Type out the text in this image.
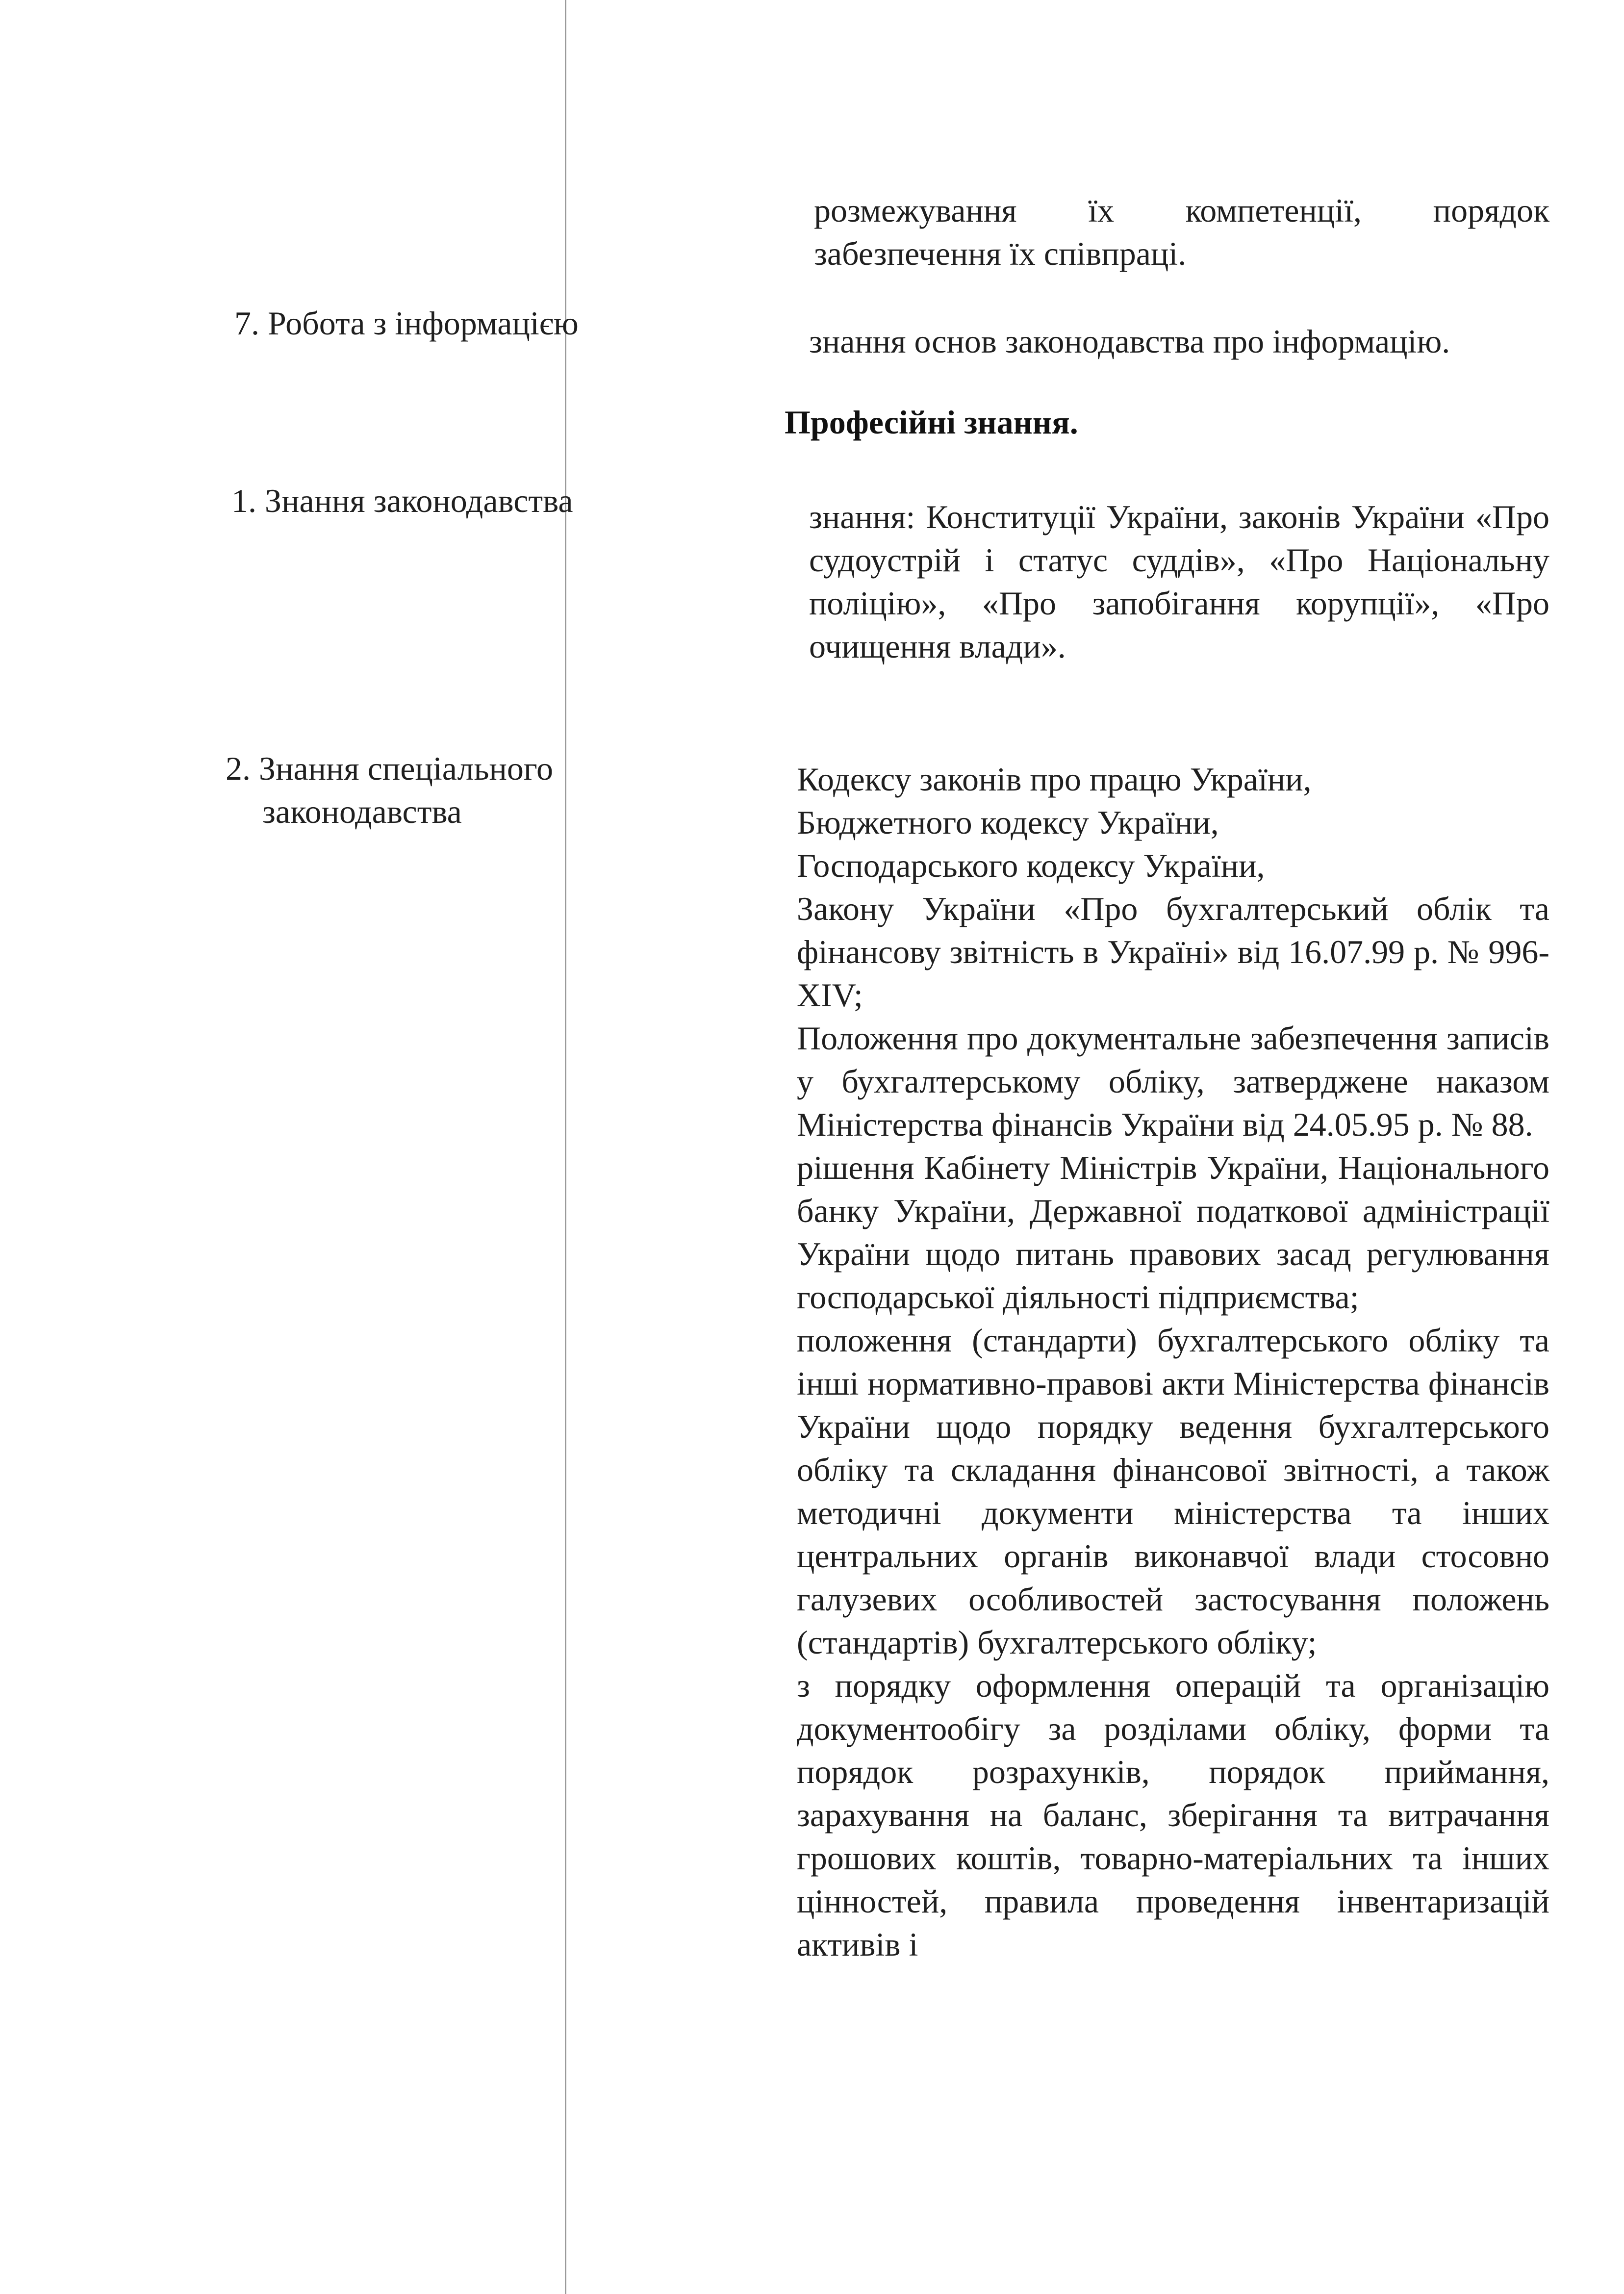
розмежування їх компетенції, порядок забезпечення їх співпраці.

7. Робота з інформацією	знання основ законодавства про інформацію.

Професійні знання.
1. Знання законодавства	знання: Конституції України, законів України «Про судоустрій і статус суддів», «Про Національну поліцію», «Про запобігання корупції», «Про очищення влади».

2. Знання спеціального
законодавства

Кодексу законів про працю України,

Бюджетного кодексу України,

Господарського кодексу України,

Закону України «Про бухгалтерський облік та фінансову звітність в Україні» від 16.07.99 р. № 996-XIV;

Положення про документальне забезпечення записів у бухгалтерському обліку, затверджене наказом Міністерства фінансів України від 24.05.95 р. № 88.

рішення Кабінету Міністрів України, Національного банку України, Державної податкової адміністрації України щодо питань правових засад регулювання господарської діяльності підприємства;

положення (стандарти) бухгалтерського обліку та інші нормативно-правові акти Міністерства фінансів України щодо порядку ведення бухгалтерського обліку та складання фінансової звітності, а також методичні документи міністерства та інших центральних органів виконавчої влади стосовно галузевих особливостей застосування положень (стандартів) бухгалтерського обліку;

з порядку оформлення операцій та організацію документообігу за розділами обліку, форми та порядок розрахунків, порядок приймання, зарахування на баланс, зберігання та витрачання грошових коштів, товарно-матеріальних та інших цінностей, правила проведення інвентаризацій активів і
